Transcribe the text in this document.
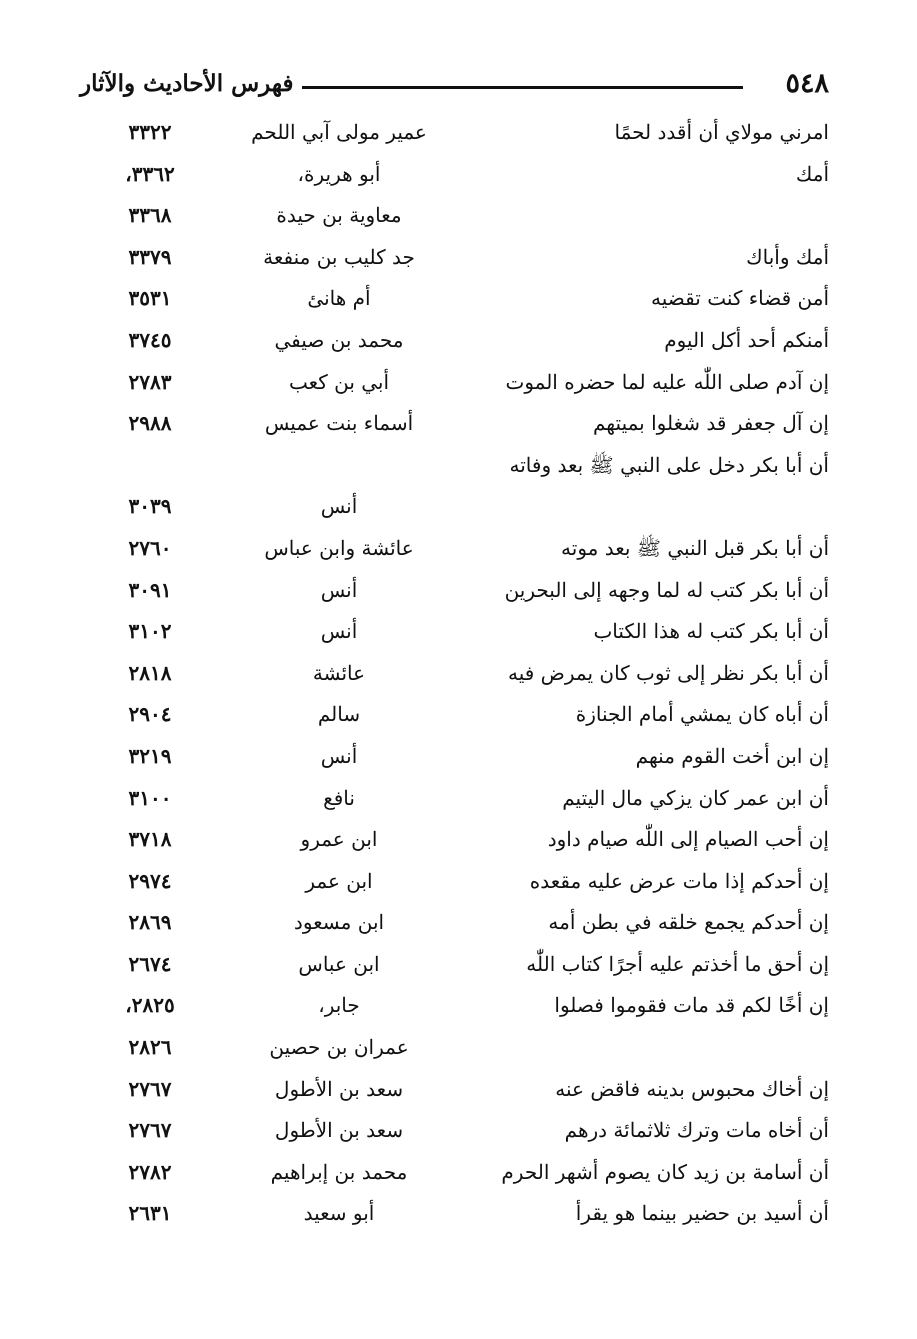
٥٤٨
فهرس الأحاديث والآثار
امرني مولاي أن أقدد لحمًا
عمير مولى آبي اللحم
٣٣٢٢
أمك
أبو هريرة،
٣٣٦٢،
معاوية بن حيدة
٣٣٦٨
أمك وأباك
جد كليب بن منفعة
٣٣٧٩
أمن قضاء كنت تقضيه
أم هانئ
٣٥٣١
أمنكم أحد أكل اليوم
محمد بن صيفي
٣٧٤٥
إن آدم صلى اللّٰه عليه لما حضره الموت
أبي بن كعب
٢٧٨٣
إن آل جعفر قد شغلوا بميتهم
أسماء بنت عميس
٢٩٨٨
أن أبا بكر دخل على النبي ﷺ بعد وفاته
أنس
٣٠٣٩
أن أبا بكر قبل النبي ﷺ بعد موته
عائشة وابن عباس
٢٧٦٠
أن أبا بكر كتب له لما وجهه إلى البحرين
أنس
٣٠٩١
أن أبا بكر كتب له هذا الكتاب
أنس
٣١٠٢
أن أبا بكر نظر إلى ثوب كان يمرض فيه
عائشة
٢٨١٨
أن أباه كان يمشي أمام الجنازة
سالم
٢٩٠٤
إن ابن أخت القوم منهم
أنس
٣٢١٩
أن ابن عمر كان يزكي مال اليتيم
نافع
٣١٠٠
إن أحب الصيام إلى اللّٰه صيام داود
ابن عمرو
٣٧١٨
إن أحدكم إذا مات عرض عليه مقعده
ابن عمر
٢٩٧٤
إن أحدكم يجمع خلقه في بطن أمه
ابن مسعود
٢٨٦٩
إن أحق ما أخذتم عليه أجرًا كتاب اللّٰه
ابن عباس
٢٦٧٤
إن أخًا لكم قد مات فقوموا فصلوا
جابر،
٢٨٢٥،
عمران بن حصين
٢٨٢٦
إن أخاك محبوس بدينه فاقض عنه
سعد بن الأطول
٢٧٦٧
أن أخاه مات وترك ثلاثمائة درهم
سعد بن الأطول
٢٧٦٧
أن أسامة بن زيد كان يصوم أشهر الحرم
محمد بن إبراهيم
٢٧٨٢
أن أسيد بن حضير بينما هو يقرأ
أبو سعيد
٢٦٣١
